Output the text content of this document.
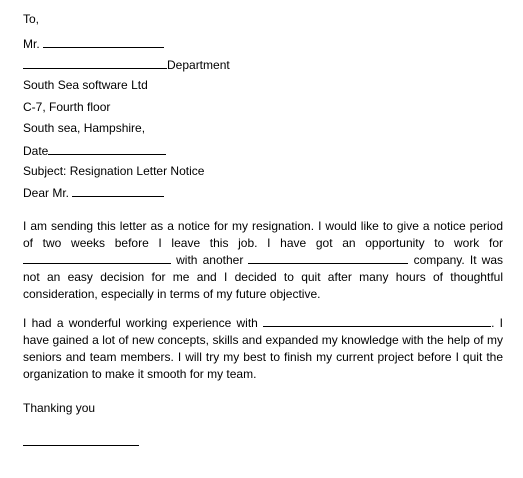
To,
Mr.
Department
South Sea software Ltd
C-7, Fourth floor
South sea, Hampshire,
Date
Subject: Resignation Letter Notice
Dear Mr.
I am sending this letter as a notice for my resignation. I would like to give a notice period of two weeks before I leave this job. I have got an opportunity to work for  with another	company. It was not an easy decision for me and I decided to quit after many hours of thoughtful consideration, especially in terms of my future objective.
I had a wonderful working experience with	. I have gained a lot of new concepts, skills and expanded my knowledge with the help of my seniors and team members. I will try my best to finish my current project before I quit the organization to make it smooth for my team.
Thanking you
